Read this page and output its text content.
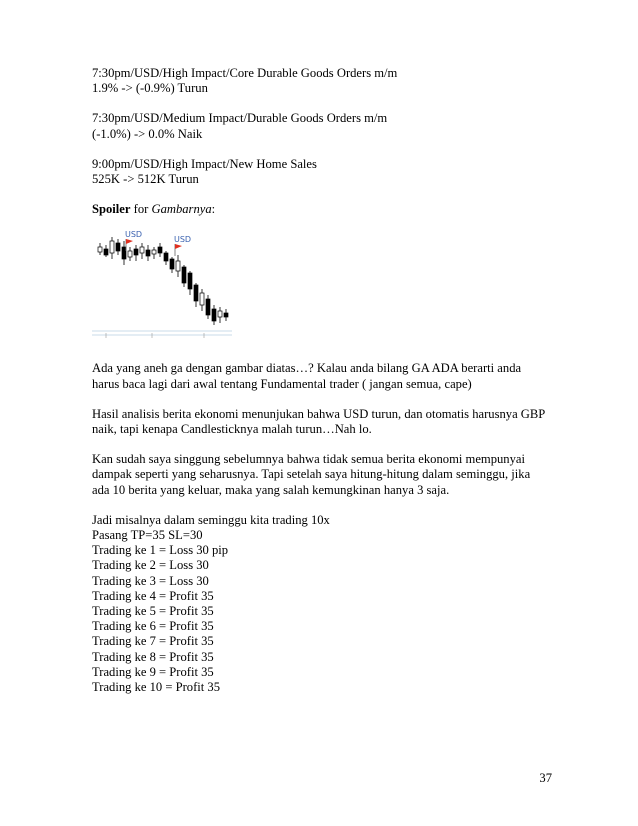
7:30pm/USD/High Impact/Core Durable Goods Orders m/m
1.9% -> (-0.9%) Turun
7:30pm/USD/Medium Impact/Durable Goods Orders m/m
(-1.0%) -> 0.0% Naik
9:00pm/USD/High Impact/New Home Sales
525K -> 512K Turun
Spoiler for Gambarnya:
USD
USD
Ada yang aneh ga dengan gambar diatas…? Kalau anda bilang GA ADA berarti anda
harus baca lagi dari awal tentang Fundamental trader ( jangan semua, cape)
Hasil analisis berita ekonomi menunjukan bahwa USD turun, dan otomatis harusnya GBP
naik, tapi kenapa Candlesticknya malah turun…Nah lo.
Kan sudah saya singgung sebelumnya bahwa tidak semua berita ekonomi mempunyai
dampak seperti yang seharusnya. Tapi setelah saya hitung-hitung dalam seminggu, jika
ada 10 berita yang keluar, maka yang salah kemungkinan hanya 3 saja.
Jadi misalnya dalam seminggu kita trading 10x
Pasang TP=35 SL=30
Trading ke 1 = Loss 30 pip
Trading ke 2 = Loss 30
Trading ke 3 = Loss 30
Trading ke 4 = Profit 35
Trading ke 5 = Profit 35
Trading ke 6 = Profit 35
Trading ke 7 = Profit 35
Trading ke 8 = Profit 35
Trading ke 9 = Profit 35
Trading ke 10 = Profit 35
37
